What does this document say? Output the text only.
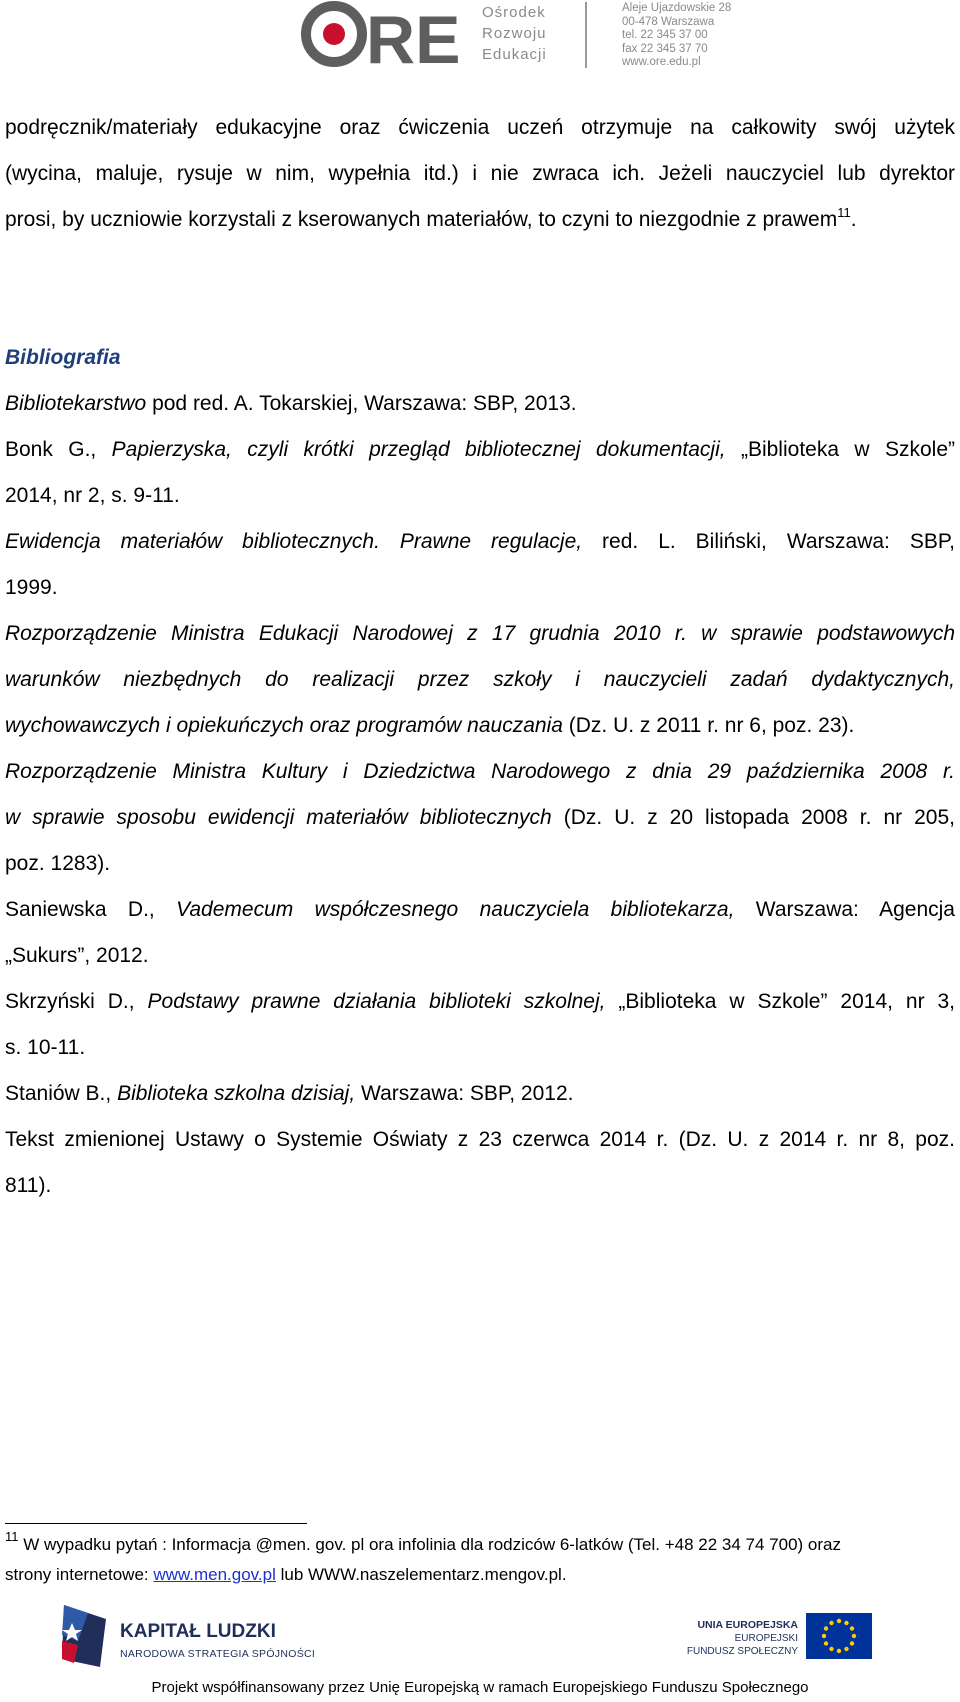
RE Ośrodek
Rozwoju
Edukacji
Aleje Ujazdowskie 28
00-478 Warszawa
tel. 22 345 37 00
fax 22 345 37 70
www.ore.edu.pl
podręcznik/materiały edukacyjne oraz ćwiczenia uczeń otrzymuje na całkowity swój użytek
(wycina, maluje, rysuje w nim, wypełnia itd.) i nie zwraca ich. Jeżeli nauczyciel lub dyrektor
prosi, by uczniowie korzystali z kserowanych materiałów, to czyni to niezgodnie z prawem$^{11}$.
Bibliografia
Bibliotekarstwo pod red. A. Tokarskiej, Warszawa: SBP, 2013.
Bonk G., Papierzyska, czyli krótki przegląd bibliotecznej dokumentacji, „Biblioteka w Szkole”
2014, nr 2, s. 9-11.
Ewidencja materiałów bibliotecznych. Prawne regulacje, red. L. Biliński, Warszawa: SBP,
1999.
Rozporządzenie Ministra Edukacji Narodowej z 17 grudnia 2010 r. w sprawie podstawowych
warunków niezbędnych do realizacji przez szkoły i nauczycieli zadań dydaktycznych,
wychowawczych i opiekuńczych oraz programów nauczania (Dz. U. z 2011 r. nr 6, poz. 23).
Rozporządzenie Ministra Kultury i Dziedzictwa Narodowego z dnia 29 października 2008 r.
w sprawie sposobu ewidencji materiałów bibliotecznych (Dz. U. z 20 listopada 2008 r. nr 205,
poz. 1283).
Saniewska D., Vademecum współczesnego nauczyciela bibliotekarza, Warszawa: Agencja
„Sukurs”, 2012.
Skrzyński D., Podstawy prawne działania biblioteki szkolnej, „Biblioteka w Szkole” 2014, nr 3,
s. 10-11.
Staniów B., Biblioteka szkolna dzisiaj, Warszawa: SBP, 2012.
Tekst zmienionej Ustawy o Systemie Oświaty z 23 czerwca 2014 r. (Dz. U. z 2014 r. nr 8, poz.
811).
$^{11}$ W wypadku pytań : Informacja @men. gov. pl ora infolinia dla rodziców 6-latków (Tel. +48 22 34 74 700) oraz
strony internetowe: www.men.gov.pl lub WWW.naszelementarz.mengov.pl.
KAPITAŁ LUDZKI
NARODOWA STRATEGIA SPÓJNOŚCI
UNIA EUROPEJSKA
EUROPEJSKI
FUNDUSZ SPOŁECZNY
Projekt współfinansowany przez Unię Europejską w ramach Europejskiego Funduszu Społecznego
